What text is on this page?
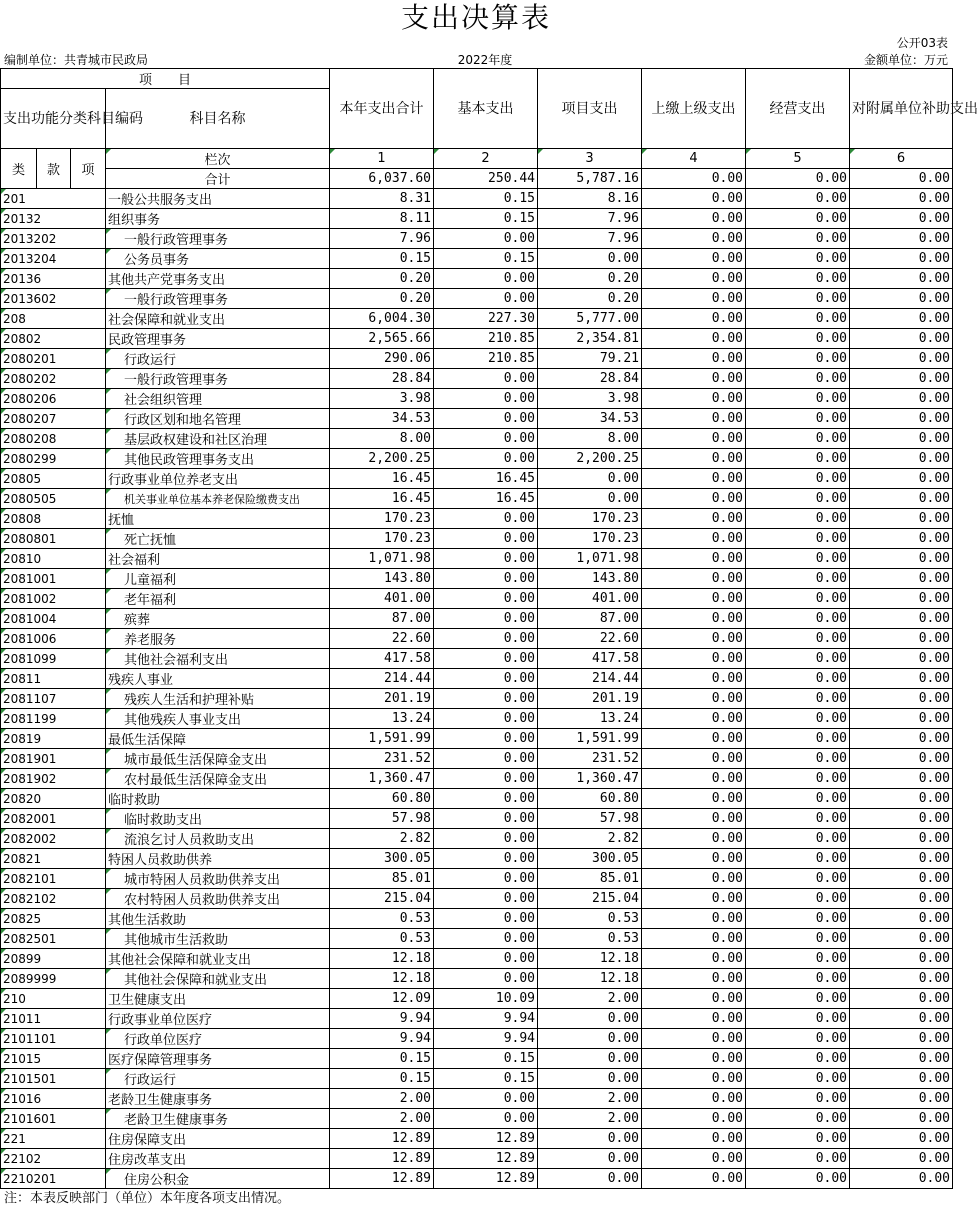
支出决算表
公开03表
编制单位：共青城市民政局	2022年度	金额单位：万元
项　　目				本年支出合计	基本支出	项目支出	上缴上级支出	经营支出	对附属单位补助支出
支出功能分类科目编码			科目名称						
类	款	项	栏次	1	2	3	4	5	6
			合计	6,037.60	250.44	5,787.16	0.00	0.00	0.00
201			一般公共服务支出	8.31	0.15	8.16	0.00	0.00	0.00
20132			组织事务	8.11	0.15	7.96	0.00	0.00	0.00
2013202			一般行政管理事务	7.96	0.00	7.96	0.00	0.00	0.00
2013204			公务员事务	0.15	0.15	0.00	0.00	0.00	0.00
20136			其他共产党事务支出	0.20	0.00	0.20	0.00	0.00	0.00
2013602			一般行政管理事务	0.20	0.00	0.20	0.00	0.00	0.00
208			社会保障和就业支出	6,004.30	227.30	5,777.00	0.00	0.00	0.00
20802			民政管理事务	2,565.66	210.85	2,354.81	0.00	0.00	0.00
2080201			行政运行	290.06	210.85	79.21	0.00	0.00	0.00
2080202			一般行政管理事务	28.84	0.00	28.84	0.00	0.00	0.00
2080206			社会组织管理	3.98	0.00	3.98	0.00	0.00	0.00
2080207			行政区划和地名管理	34.53	0.00	34.53	0.00	0.00	0.00
2080208			基层政权建设和社区治理	8.00	0.00	8.00	0.00	0.00	0.00
2080299			其他民政管理事务支出	2,200.25	0.00	2,200.25	0.00	0.00	0.00
20805			行政事业单位养老支出	16.45	16.45	0.00	0.00	0.00	0.00
2080505			机关事业单位基本养老保险缴费支出	16.45	16.45	0.00	0.00	0.00	0.00
20808			抚恤	170.23	0.00	170.23	0.00	0.00	0.00
2080801			死亡抚恤	170.23	0.00	170.23	0.00	0.00	0.00
20810			社会福利	1,071.98	0.00	1,071.98	0.00	0.00	0.00
2081001			儿童福利	143.80	0.00	143.80	0.00	0.00	0.00
2081002			老年福利	401.00	0.00	401.00	0.00	0.00	0.00
2081004			殡葬	87.00	0.00	87.00	0.00	0.00	0.00
2081006			养老服务	22.60	0.00	22.60	0.00	0.00	0.00
2081099			其他社会福利支出	417.58	0.00	417.58	0.00	0.00	0.00
20811			残疾人事业	214.44	0.00	214.44	0.00	0.00	0.00
2081107			残疾人生活和护理补贴	201.19	0.00	201.19	0.00	0.00	0.00
2081199			其他残疾人事业支出	13.24	0.00	13.24	0.00	0.00	0.00
20819			最低生活保障	1,591.99	0.00	1,591.99	0.00	0.00	0.00
2081901			城市最低生活保障金支出	231.52	0.00	231.52	0.00	0.00	0.00
2081902			农村最低生活保障金支出	1,360.47	0.00	1,360.47	0.00	0.00	0.00
20820			临时救助	60.80	0.00	60.80	0.00	0.00	0.00
2082001			临时救助支出	57.98	0.00	57.98	0.00	0.00	0.00
2082002			流浪乞讨人员救助支出	2.82	0.00	2.82	0.00	0.00	0.00
20821			特困人员救助供养	300.05	0.00	300.05	0.00	0.00	0.00
2082101			城市特困人员救助供养支出	85.01	0.00	85.01	0.00	0.00	0.00
2082102			农村特困人员救助供养支出	215.04	0.00	215.04	0.00	0.00	0.00
20825			其他生活救助	0.53	0.00	0.53	0.00	0.00	0.00
2082501			其他城市生活救助	0.53	0.00	0.53	0.00	0.00	0.00
20899			其他社会保障和就业支出	12.18	0.00	12.18	0.00	0.00	0.00
2089999			其他社会保障和就业支出	12.18	0.00	12.18	0.00	0.00	0.00
210			卫生健康支出	12.09	10.09	2.00	0.00	0.00	0.00
21011			行政事业单位医疗	9.94	9.94	0.00	0.00	0.00	0.00
2101101			行政单位医疗	9.94	9.94	0.00	0.00	0.00	0.00
21015			医疗保障管理事务	0.15	0.15	0.00	0.00	0.00	0.00
2101501			行政运行	0.15	0.15	0.00	0.00	0.00	0.00
21016			老龄卫生健康事务	2.00	0.00	2.00	0.00	0.00	0.00
2101601			老龄卫生健康事务	2.00	0.00	2.00	0.00	0.00	0.00
221			住房保障支出	12.89	12.89	0.00	0.00	0.00	0.00
22102			住房改革支出	12.89	12.89	0.00	0.00	0.00	0.00
2210201			住房公积金	12.89	12.89	0.00	0.00	0.00	0.00
注：本表反映部门（单位）本年度各项支出情况。
